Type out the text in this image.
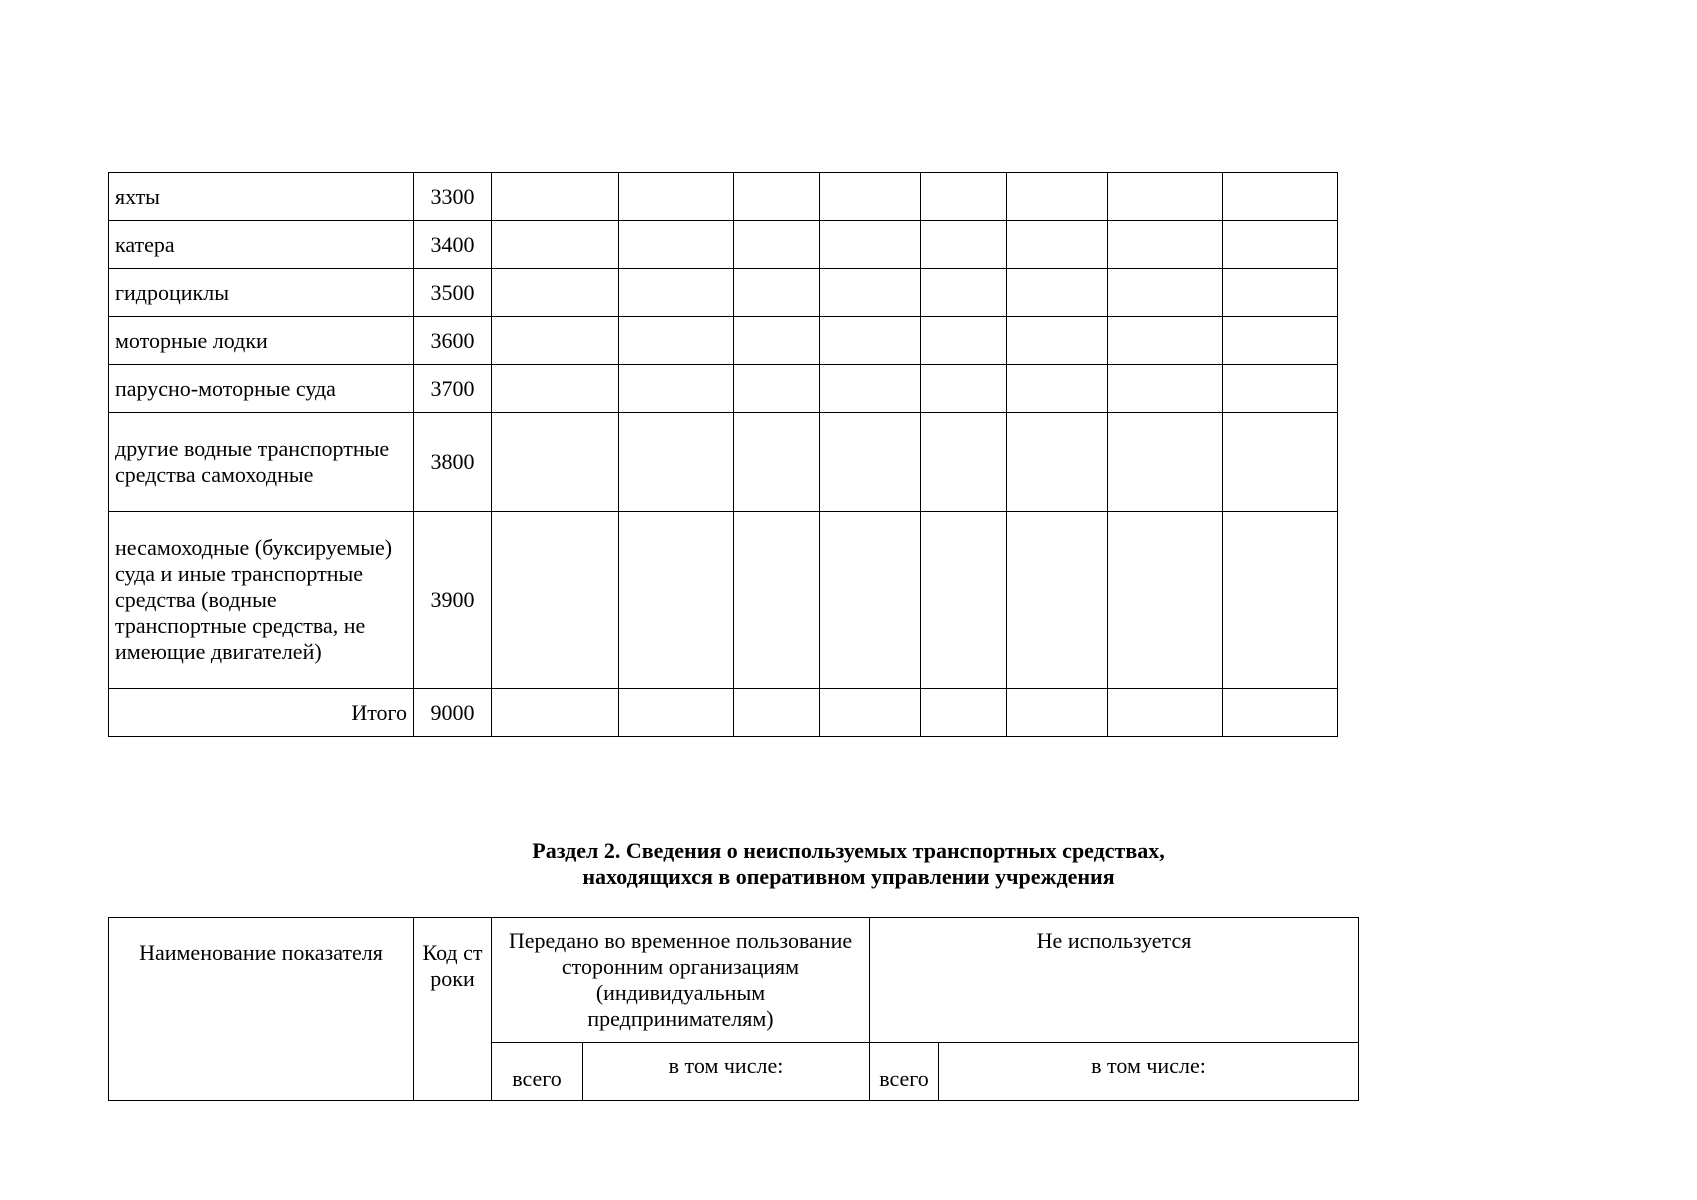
яхты	3300								
катера	3400								
гидроциклы	3500								
моторные лодки	3600								
парусно-моторные суда	3700								
другие водные транспортные средства самоходные	3800								
несамоходные (буксируемые) суда и иные транспортные средства (водные транспортные средства, не имеющие двигателей)	3900								
Итого	9000								
Раздел 2. Сведения о неиспользуемых транспортных средствах,
находящихся в оперативном управлении учреждения
Наименование показателя	Код строки	Передано во временное пользование сторонним организациям (индивидуальным предпринимателям)		Не используется	
		всего	в том числе:	всего	в том числе:
